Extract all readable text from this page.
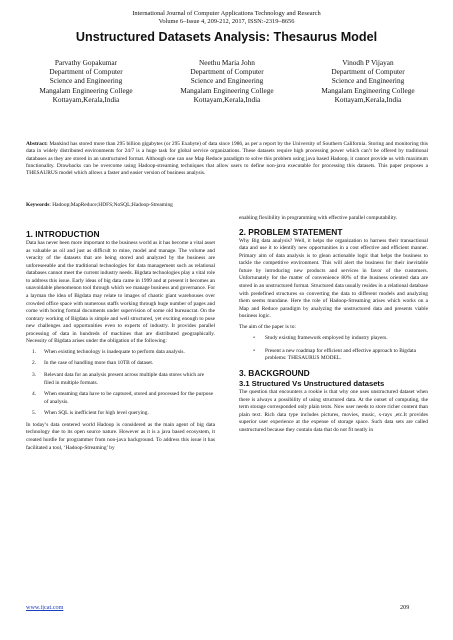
International Journal of Computer Applications Technology and Research
Volume 6–Issue 4, 209-212, 2017, ISSN:-2319–8656
Unstructured Datasets Analysis: Thesaurus Model
Parvathy Gopakumar
Department of Computer
Science and Engineering
Mangalam Engineering College
Kottayam,Kerala,India
Neethu Maria John
Department of Computer
Science and Engineering
Mangalam Engineering College
Kottayam,Kerala,India
Vinodh P Vijayan
Department of Computer
Science and Engineering
Mangalam Engineering College
Kottayam,Kerala,India
Abstract: Mankind has stored more than 295 billion gigabytes (or 295 Exabyte) of data since 1986, as per a report by the University of Southern California. Storing and monitoring this data in widely distributed environments for 24/7 is a huge task for global service organizations. These datasets require high processing power which can’t be offered by traditional databases as they are stored in an unstructured format. Although one can use Map Reduce paradigm to solve this problem using java based Hadoop, it cannot provide us with maximum functionality. Drawbacks can be overcome using Hadoop-streaming techniques that allow users to define non-java executable for processing this datasets. This paper proposes a THESAURUS model which allows a faster and easier version of business analysis.
Keywords: Hadoop;MapReduce;HDFS;NoSQL;Hadoop-Streaming
1. INTRODUCTION

Data has never been more important to the business world as it has become a vital asset as valuable as oil and just as difficult to mine, model and manage. The volume and veracity of the datasets that are being stored and analyzed by the business are unforeseeable and the traditional technologies for data management such as relational databases cannot meet the current industry needs. Bigdata technologies play a vital role to address this issue. Early ideas of big data came in 1999 and at present it becomes an unavoidable phenomenon tool through which we manage business and governance. For a layman the idea of Bigdata may relate to images of chaotic giant warehouses over crowded office space with numerous staffs working through huge number of pages and come with boring formal documents under supervision of some old bureaucrat. On the contrary working of Bigdata is simple and well structured, yet exciting enough to pose new challenges and opportunities even to experts of industry. It provides parallel processing of data in hundreds of machines that are distributed geographically. Necessity of Bigdata arises under the obligation of the following:

1.	When existing technology is inadequate to perform data analysis.
2.	In the case of handling more than 10TB of dataset.
3.	Relevant data for an analysis present across multiple data stores which are filed in multiple formats.
4.	When steaming data have to be captured, stored and processed for the purpose of analysis.
5.	When SQL is inefficient for high level querying.

In today’s data centered world Hadoop is considered as the main agent of big data technology due to its open source nature. However as it is a java based ecosystem, it created hurdle for programmer from non-java background. To address this issue it has facilitated a tool, ‘Hadoop-Streaming’ by

enabling flexibility in programming with effective parallel computability.

2. PROBLEM STATEMENT

Why Big data analysis? Well, it helps the organization to harness their transactional data and use it to identify new opportunities in a cost effective and efficient manner. Primary aim of data analysis is to glean actionable logic that helps the business to tackle the competitive environment. This will alert the business for their inevitable future by introducing new products and services in favor of the customers. Unfortunately for the matter of convenience 80% of the business oriented data are stored in an unstructured format. Structured data usually resides in a relational database with predefined structures so converting the data to different models and analyzing them seems mundane. Here the role of Hadoop-Streaming arises which works on a Map and Reduce paradigm by analyzing the unstructured data and presents viable business logic.

The aim of the paper is to:

•	Study existing framework employed by industry players.
•	Present a new roadmap for efficient and effective approach to Bigdata problems: THESAURUS MODEL.
3. BACKGROUND
3.1 Structured Vs Unstructured datasets

The question that encounters a rookie is that why one uses unstructured dataset when there is always a possibility of using structured data. At the outset of computing, the term storage corresponded only plain texts. Now user needs to store richer content than plain text. Rich data type includes pictures, movies, music, x-rays ,etc.It provides superior user experience at the expense of storage space. Such data sets are called unstructured because they contain data that do not fit neatly in

www.ijcat.com	209
